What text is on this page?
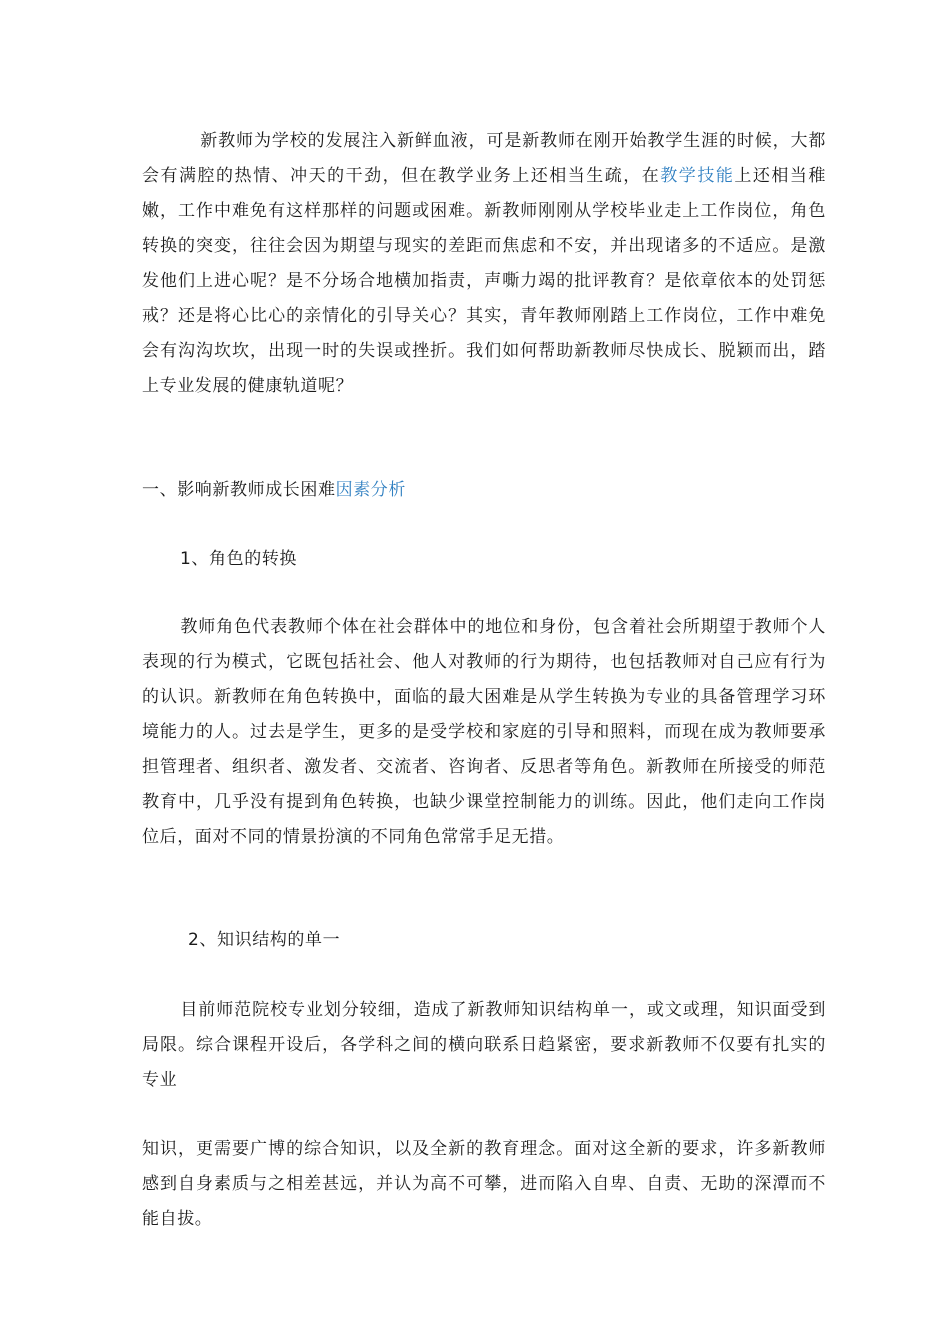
新教师为学校的发展注入新鲜血液，可是新教师在刚开始教学生涯的时候，大都会有满腔的热情、冲天的干劲，但在教学业务上还相当生疏，在教学技能上还相当稚嫩，工作中难免有这样那样的问题或困难。新教师刚刚从学校毕业走上工作岗位，角色转换的突变，往往会因为期望与现实的差距而焦虑和不安，并出现诸多的不适应。是激发他们上进心呢？是不分场合地横加指责，声嘶力竭的批评教育？是依章依本的处罚惩戒？还是将心比心的亲情化的引导关心？其实，青年教师刚踏上工作岗位，工作中难免会有沟沟坎坎，出现一时的失误或挫折。我们如何帮助新教师尽快成长、脱颖而出，踏上专业发展的健康轨道呢？

一、影响新教师成长困难因素分析

1、角色的转换

教师角色代表教师个体在社会群体中的地位和身份，包含着社会所期望于教师个人表现的行为模式，它既包括社会、他人对教师的行为期待，也包括教师对自己应有行为的认识。新教师在角色转换中，面临的最大困难是从学生转换为专业的具备管理学习环境能力的人。过去是学生，更多的是受学校和家庭的引导和照料，而现在成为教师要承担管理者、组织者、激发者、交流者、咨询者、反思者等角色。新教师在所接受的师范教育中，几乎没有提到角色转换，也缺少课堂控制能力的训练。因此，他们走向工作岗位后，面对不同的情景扮演的不同角色常常手足无措。

2、知识结构的单一

目前师范院校专业划分较细，造成了新教师知识结构单一，或文或理，知识面受到局限。综合课程开设后，各学科之间的横向联系日趋紧密，要求新教师不仅要有扎实的专业

知识，更需要广博的综合知识，以及全新的教育理念。面对这全新的要求，许多新教师感到自身素质与之相差甚远，并认为高不可攀，进而陷入自卑、自责、无助的深潭而不能自拔。
